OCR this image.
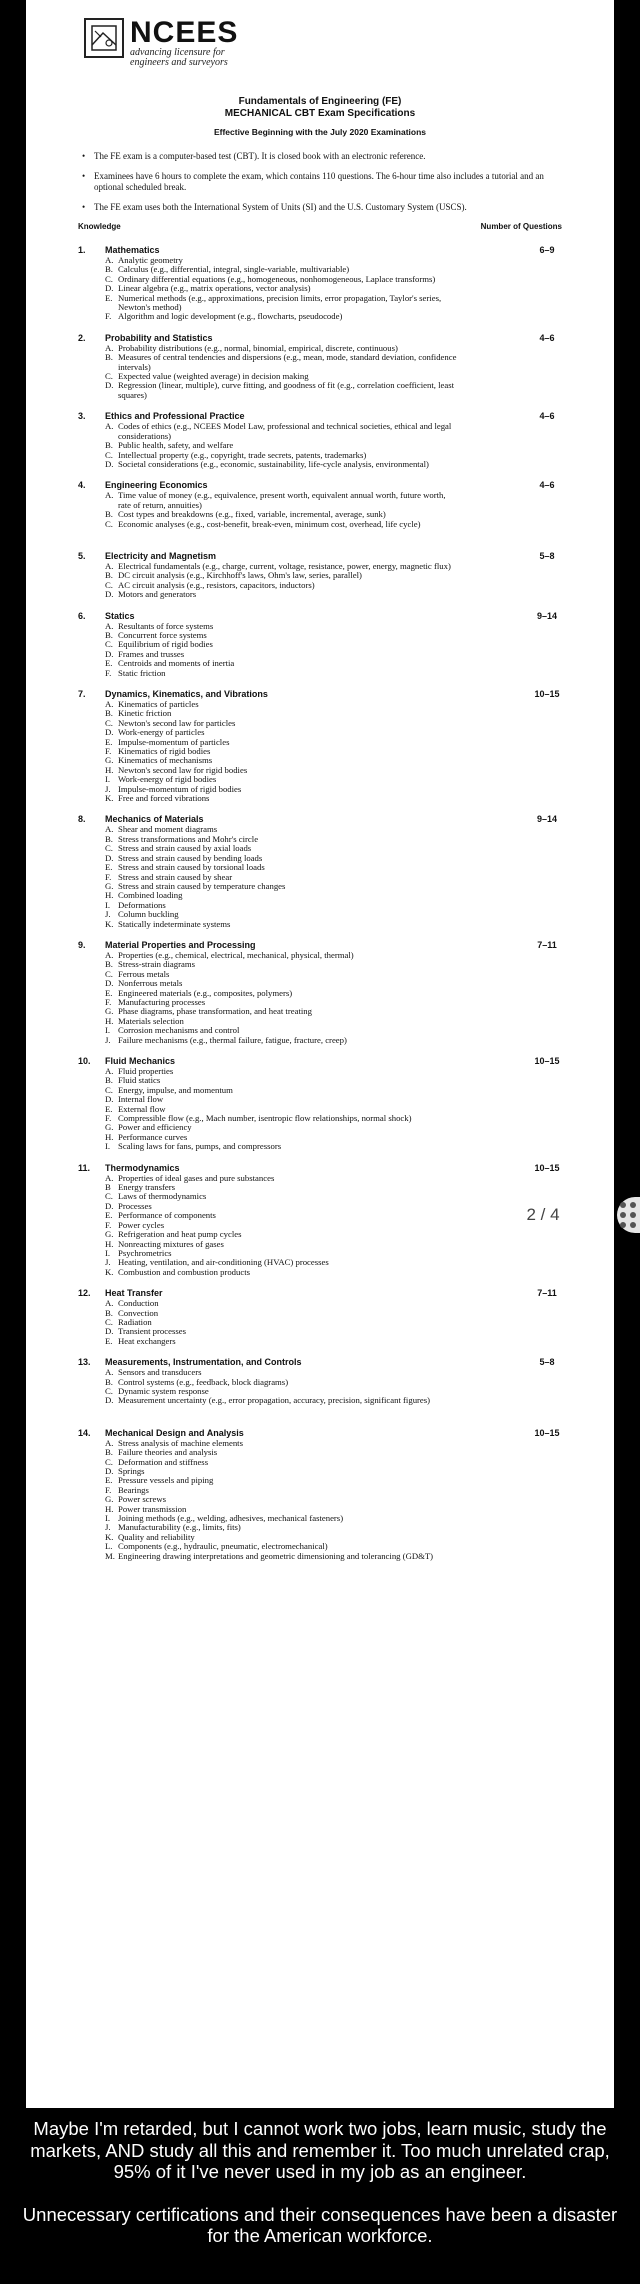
NCEES
advancing licensure for
engineers and surveyors
Fundamentals of Engineering (FE)
MECHANICAL CBT Exam Specifications
Effective Beginning with the July 2020 Examinations
• The FE exam is a computer-based test (CBT). It is closed book with an electronic reference.
• Examinees have 6 hours to complete the exam, which contains 110 questions. The 6-hour time also includes a tutorial and an optional scheduled break.
• The FE exam uses both the International System of Units (SI) and the U.S. Customary System (USCS).
Knowledge	Number of Questions
1.	Mathematics	6–9
A. Analytic geometry
B. Calculus (e.g., differential, integral, single-variable, multivariable)
C. Ordinary differential equations (e.g., homogeneous, nonhomogeneous, Laplace transforms)
D. Linear algebra (e.g., matrix operations, vector analysis)
E. Numerical methods (e.g., approximations, precision limits, error propagation, Taylor's series, Newton's method)
F. Algorithm and logic development (e.g., flowcharts, pseudocode)
2.	Probability and Statistics	4–6
A. Probability distributions (e.g., normal, binomial, empirical, discrete, continuous)
B. Measures of central tendencies and dispersions (e.g., mean, mode, standard deviation, confidence intervals)
C. Expected value (weighted average) in decision making
D. Regression (linear, multiple), curve fitting, and goodness of fit (e.g., correlation coefficient, least squares)
3.	Ethics and Professional Practice	4–6
A. Codes of ethics (e.g., NCEES Model Law, professional and technical societies, ethical and legal considerations)
B. Public health, safety, and welfare
C. Intellectual property (e.g., copyright, trade secrets, patents, trademarks)
D. Societal considerations (e.g., economic, sustainability, life-cycle analysis, environmental)
4.	Engineering Economics	4–6
A. Time value of money (e.g., equivalence, present worth, equivalent annual worth, future worth, rate of return, annuities)
B. Cost types and breakdowns (e.g., fixed, variable, incremental, average, sunk)
C. Economic analyses (e.g., cost-benefit, break-even, minimum cost, overhead, life cycle)
5.	Electricity and Magnetism	5–8
A. Electrical fundamentals (e.g., charge, current, voltage, resistance, power, energy, magnetic flux)
B. DC circuit analysis (e.g., Kirchhoff's laws, Ohm's law, series, parallel)
C. AC circuit analysis (e.g., resistors, capacitors, inductors)
D. Motors and generators
6.	Statics	9–14
A. Resultants of force systems
B. Concurrent force systems
C. Equilibrium of rigid bodies
D. Frames and trusses
E. Centroids and moments of inertia
F. Static friction
7.	Dynamics, Kinematics, and Vibrations	10–15
A. Kinematics of particles
B. Kinetic friction
C. Newton's second law for particles
D. Work-energy of particles
E. Impulse-momentum of particles
F. Kinematics of rigid bodies
G. Kinematics of mechanisms
H. Newton's second law for rigid bodies
I. Work-energy of rigid bodies
J. Impulse-momentum of rigid bodies
K. Free and forced vibrations
8.	Mechanics of Materials	9–14
A. Shear and moment diagrams
B. Stress transformations and Mohr's circle
C. Stress and strain caused by axial loads
D. Stress and strain caused by bending loads
E. Stress and strain caused by torsional loads
F. Stress and strain caused by shear
G. Stress and strain caused by temperature changes
H. Combined loading
I. Deformations
J. Column buckling
K. Statically indeterminate systems
9.	Material Properties and Processing	7–11
A. Properties (e.g., chemical, electrical, mechanical, physical, thermal)
B. Stress-strain diagrams
C. Ferrous metals
D. Nonferrous metals
E. Engineered materials (e.g., composites, polymers)
F. Manufacturing processes
G. Phase diagrams, phase transformation, and heat treating
H. Materials selection
I. Corrosion mechanisms and control
J. Failure mechanisms (e.g., thermal failure, fatigue, fracture, creep)
10.	Fluid Mechanics	10–15
A. Fluid properties
B. Fluid statics
C. Energy, impulse, and momentum
D. Internal flow
E. External flow
F. Compressible flow (e.g., Mach number, isentropic flow relationships, normal shock)
G. Power and efficiency
H. Performance curves
I. Scaling laws for fans, pumps, and compressors
11.	Thermodynamics	10–15
A. Properties of ideal gases and pure substances
B Energy transfers
C. Laws of thermodynamics
D. Processes
E. Performance of components
F. Power cycles
G. Refrigeration and heat pump cycles
H. Nonreacting mixtures of gases
I. Psychrometrics
J. Heating, ventilation, and air-conditioning (HVAC) processes
K. Combustion and combustion products
12.	Heat Transfer	7–11
A. Conduction
B. Convection
C. Radiation
D. Transient processes
E. Heat exchangers
13.	Measurements, Instrumentation, and Controls	5–8
A. Sensors and transducers
B. Control systems (e.g., feedback, block diagrams)
C. Dynamic system response
D. Measurement uncertainty (e.g., error propagation, accuracy, precision, significant figures)
14.	Mechanical Design and Analysis	10–15
A. Stress analysis of machine elements
B. Failure theories and analysis
C. Deformation and stiffness
D. Springs
E. Pressure vessels and piping
F. Bearings
G. Power screws
H. Power transmission
I. Joining methods (e.g., welding, adhesives, mechanical fasteners)
J. Manufacturability (e.g., limits, fits)
K. Quality and reliability
L. Components (e.g., hydraulic, pneumatic, electromechanical)
M. Engineering drawing interpretations and geometric dimensioning and tolerancing (GD&T)
2 / 4

Maybe I'm retarded, but I cannot work two jobs, learn music, study the markets, AND study all this and remember it. Too much unrelated crap, 95% of it I've never used in my job as an engineer.

Unnecessary certifications and their consequences have been a disaster for the American workforce.
